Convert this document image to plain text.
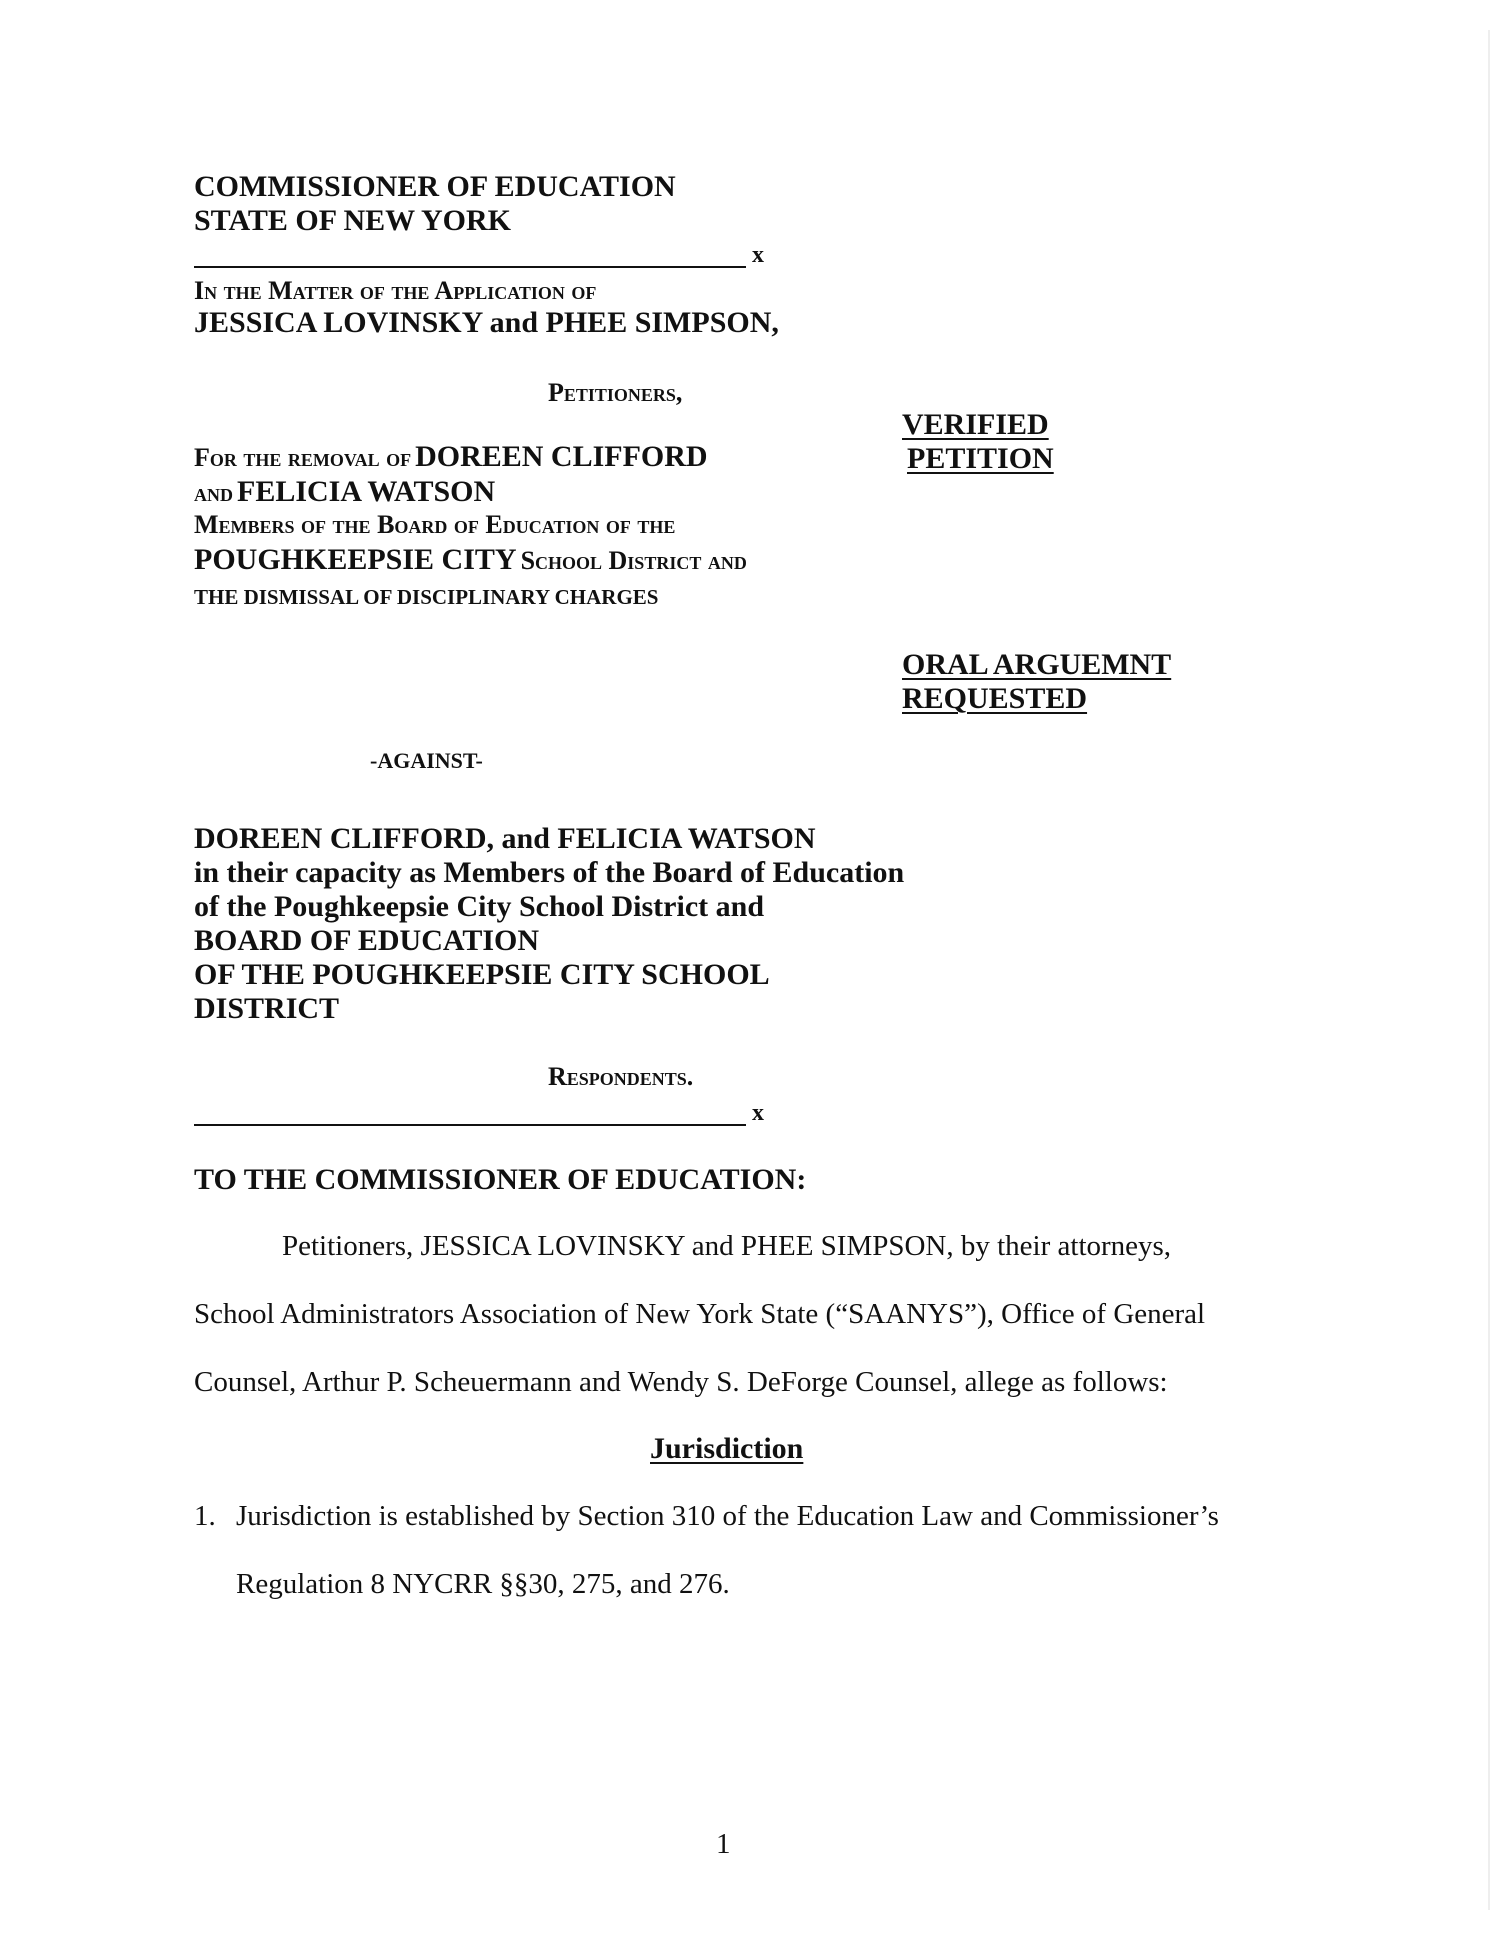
COMMISSIONER OF EDUCATION
STATE OF NEW YORK
x
In the Matter of the Application of
JESSICA LOVINSKY and PHEE SIMPSON,
Petitioners,
For the removal of DOREEN CLIFFORD
and FELICIA WATSON
Members of the Board of Education of the
POUGHKEEPSIE CITY School District and
THE DISMISSAL OF DISCIPLINARY CHARGES
VERIFIED
PETITION
ORAL ARGUEMNT
REQUESTED
-AGAINST-
DOREEN CLIFFORD, and FELICIA WATSON
in their capacity as Members of the Board of Education
of the Poughkeepsie City School District and
BOARD OF EDUCATION
OF THE POUGHKEEPSIE CITY SCHOOL
DISTRICT
Respondents.
x
TO THE COMMISSIONER OF EDUCATION:
Petitioners, JESSICA LOVINSKY and PHEE SIMPSON, by their attorneys,
School Administrators Association of New York State (“SAANYS”), Office of General
Counsel, Arthur P. Scheuermann and Wendy S. DeForge Counsel, allege as follows:
Jurisdiction
1. Jurisdiction is established by Section 310 of the Education Law and Commissioner’s
Regulation 8 NYCRR §§30, 275, and 276.
1
